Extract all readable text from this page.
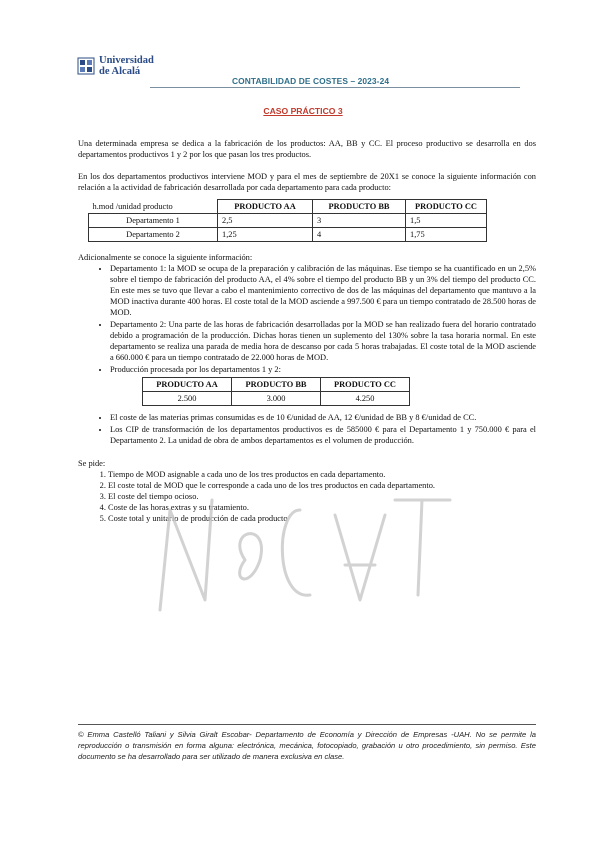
Universidad
de Alcalá
CONTABILIDAD DE COSTES – 2023-24
CASO PRÁCTICO 3

Una determinada empresa se dedica a la fabricación de los productos: AA, BB y CC. El proceso productivo se desarrolla en dos departamentos productivos 1 y 2 por los que pasan los tres productos.

En los dos departamentos productivos interviene MOD y para el mes de septiembre de 20X1 se conoce la siguiente información con relación a la actividad de fabricación desarrollada por cada departamento para cada producto:

h.mod /unidad producto	PRODUCTO AA	PRODUCTO BB	PRODUCTO CC
Departamento 1	2,5	3	1,5
Departamento 2	1,25	4	1,75

Adicionalmente se conoce la siguiente información:

• Departamento 1: la MOD se ocupa de la preparación y calibración de las máquinas. Ese tiempo se ha cuantificado en un 2,5% sobre el tiempo de fabricación del producto AA, el 4% sobre el tiempo del producto BB y un 3% del tiempo del producto CC. En este mes se tuvo que llevar a cabo el mantenimiento correctivo de dos de las máquinas del departamento que mantuvo a la MOD inactiva durante 400 horas. El coste total de la MOD asciende a 997.500 € para un tiempo contratado de 28.500 horas de MOD.
• Departamento 2: Una parte de las horas de fabricación desarrolladas por la MOD se han realizado fuera del horario contratado debido a programación de la producción. Dichas horas tienen un suplemento del 130% sobre la tasa horaria normal. En este departamento se realiza una parada de media hora de descanso por cada 5 horas trabajadas. El coste total de la MOD asciende a 660.000 € para un tiempo contratado de 22.000 horas de MOD.
• Producción procesada por los departamentos 1 y 2:
PRODUCTO AA	PRODUCTO BB	PRODUCTO CC
2.500	3.000	4.250
• El coste de las materias primas consumidas es de 10 €/unidad de AA, 12 €/unidad de BB y 8 €/unidad de CC.
• Los CIP de transformación de los departamentos productivos es de 585000 € para el Departamento 1 y 750.000 € para el Departamento 2. La unidad de obra de ambos departamentos es el volumen de producción.

Se pide:

1. Tiempo de MOD asignable a cada uno de los tres productos en cada departamento.
2. El coste total de MOD que le corresponde a cada uno de los tres productos en cada departamento.
3. El coste del tiempo ocioso.
4. Coste de las horas extras y su tratamiento.
5. Coste total y unitario de producción de cada producto
© Emma Castelló Taliani y Silvia Giralt Escobar- Departamento de Economía y Dirección de Empresas -UAH. No se permite la reproducción o transmisión en forma alguna: electrónica, mecánica, fotocopiado, grabación u otro procedimiento, sin permiso. Este documento se ha desarrollado para ser utilizado de manera exclusiva en clase.
